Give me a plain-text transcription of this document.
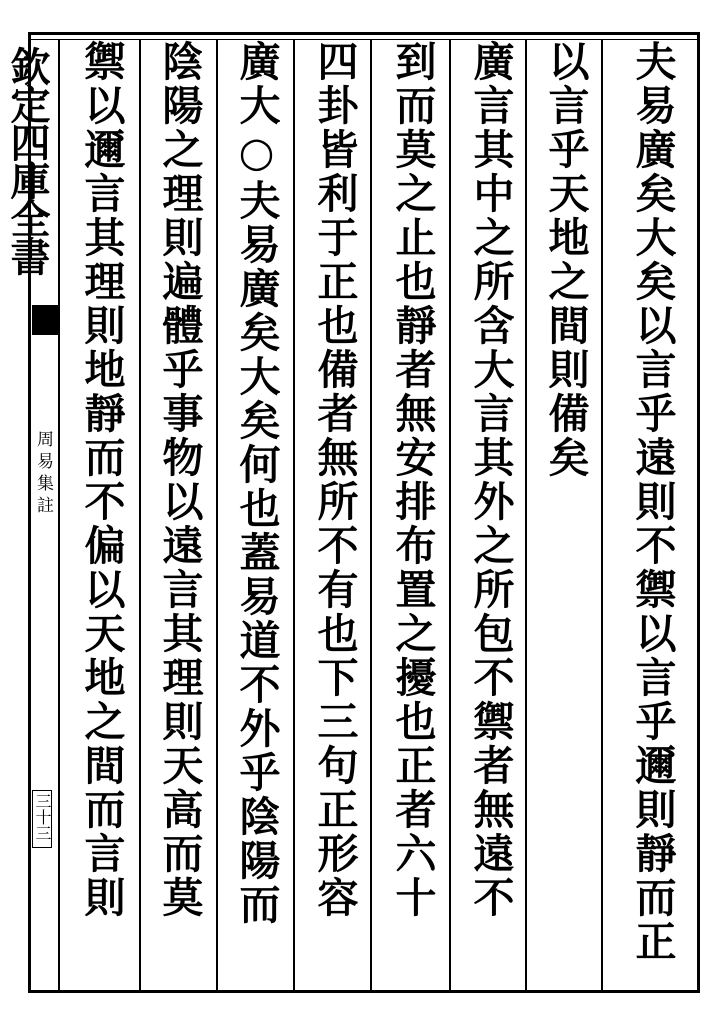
欽定四庫全書
周易集註
三十三	夫易廣矣大矣以言乎遠則不禦以言乎邇則靜而正
以言乎天地之間則備矣
廣言其中之所含大言其外之所包不禦者無遠不
到而莫之止也靜者無安排布置之擾也正者六十
四卦皆利于正也備者無所不有也下三句正形容
廣大○夫易廣矣大矣何也蓋易道不外乎陰陽而
陰陽之理則遍體乎事物以遠言其理則天高而莫
禦以邇言其理則地靜而不偏以天地之間而言則
